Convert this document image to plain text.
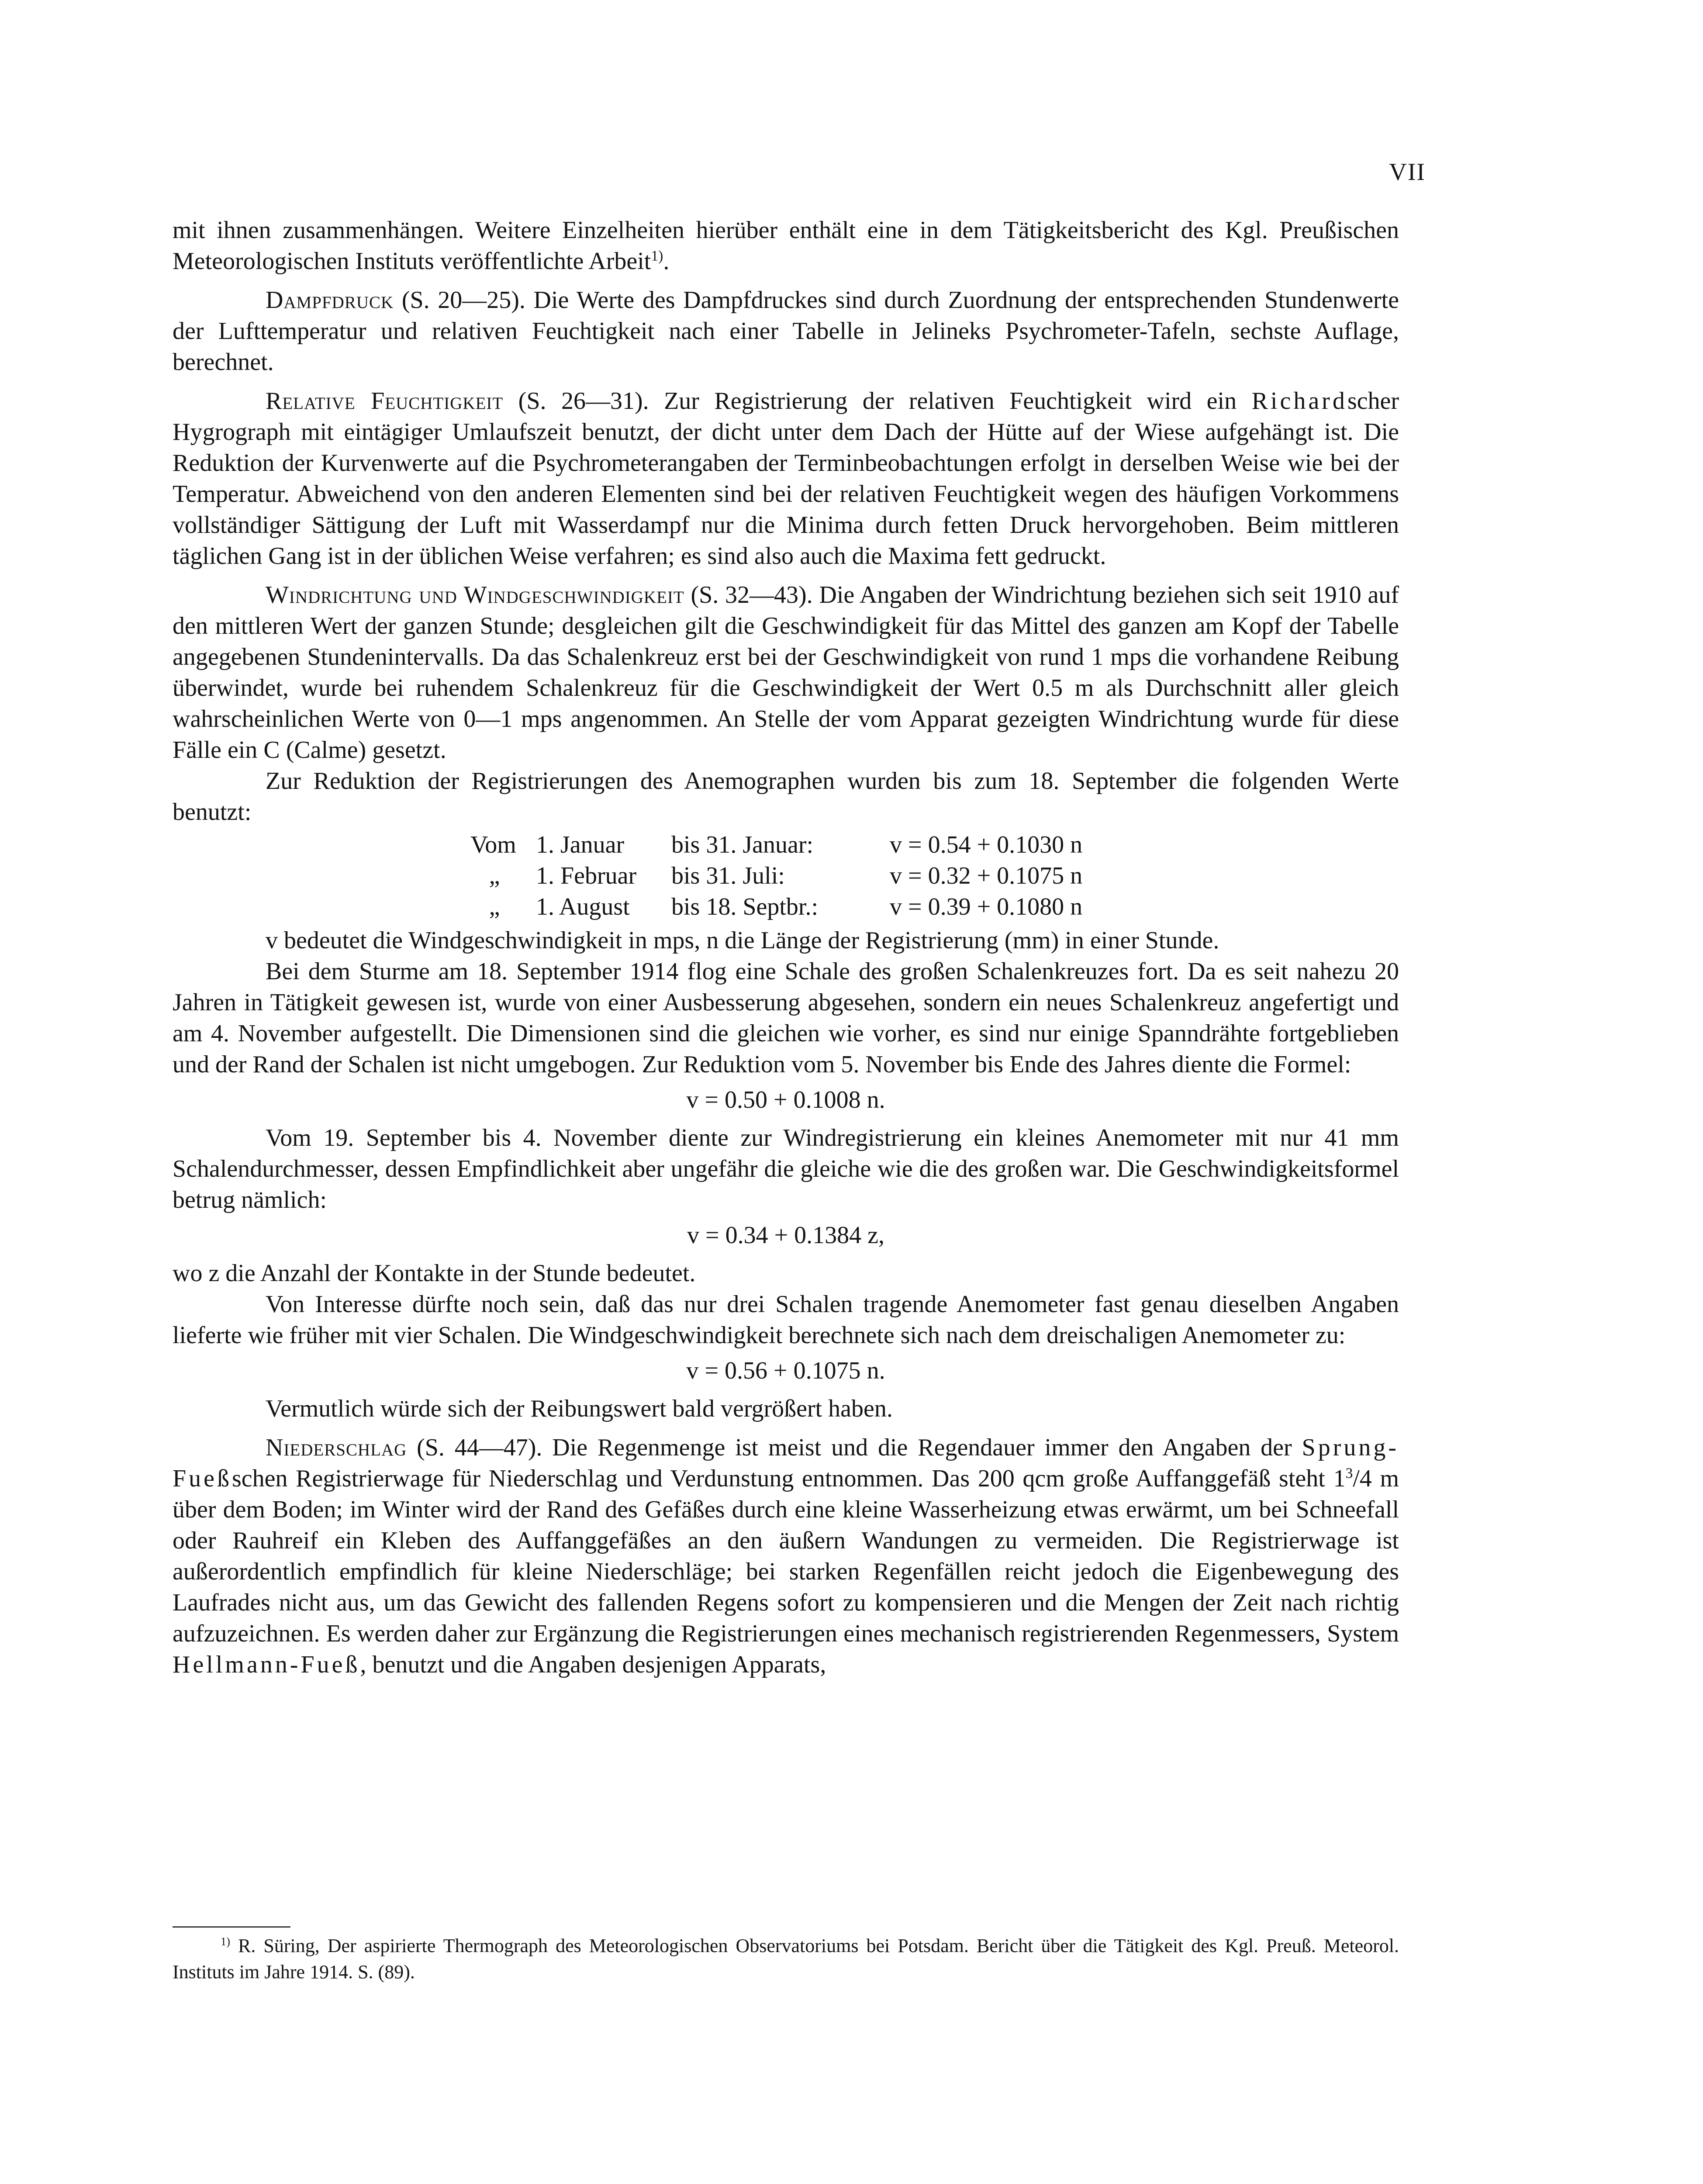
VII

mit ihnen zusammenhängen. Weitere Einzelheiten hierüber enthält eine in dem Tätigkeitsbericht des Kgl. Preußischen Meteorologischen Instituts veröffentlichte Arbeit$^{1)}$.

Dampfdruck (S. 20—25). Die Werte des Dampfdruckes sind durch Zuordnung der entsprechenden Stundenwerte der Lufttemperatur und relativen Feuchtigkeit nach einer Tabelle in Jelineks Psychrometer-Tafeln, sechste Auflage, berechnet.

Relative Feuchtigkeit (S. 26—31). Zur Registrierung der relativen Feuchtigkeit wird ein Richardscher Hygrograph mit eintägiger Umlaufszeit benutzt, der dicht unter dem Dach der Hütte auf der Wiese aufgehängt ist. Die Reduktion der Kurvenwerte auf die Psychrometerangaben der Terminbeobachtungen erfolgt in derselben Weise wie bei der Temperatur. Abweichend von den anderen Elementen sind bei der relativen Feuchtigkeit wegen des häufigen Vorkommens vollständiger Sättigung der Luft mit Wasserdampf nur die Minima durch fetten Druck hervorgehoben. Beim mittleren täglichen Gang ist in der üblichen Weise verfahren; es sind also auch die Maxima fett gedruckt.

Windrichtung und Windgeschwindigkeit (S. 32—43). Die Angaben der Windrichtung beziehen sich seit 1910 auf den mittleren Wert der ganzen Stunde; desgleichen gilt die Geschwindigkeit für das Mittel des ganzen am Kopf der Tabelle angegebenen Stundenintervalls. Da das Schalenkreuz erst bei der Geschwindigkeit von rund 1 mps die vorhandene Reibung überwindet, wurde bei ruhendem Schalenkreuz für die Geschwindigkeit der Wert 0.5 m als Durchschnitt aller gleich wahrscheinlichen Werte von 0—1 mps angenommen. An Stelle der vom Apparat gezeigten Windrichtung wurde für diese Fälle ein C (Calme) gesetzt.

Zur Reduktion der Registrierungen des Anemographen wurden bis zum 18. September die folgenden Werte benutzt:

Vom 1. Januar	bis 31. Januar:	v = 0.54 + 0.1030 n
„	1. Februar	bis 31. Juli:	v = 0.32 + 0.1075 n
„	1. August	bis 18. Septbr.:	v = 0.39 + 0.1080 n

v bedeutet die Windgeschwindigkeit in mps, n die Länge der Registrierung (mm) in einer Stunde.

Bei dem Sturme am 18. September 1914 flog eine Schale des großen Schalenkreuzes fort. Da es seit nahezu 20 Jahren in Tätigkeit gewesen ist, wurde von einer Ausbesserung abgesehen, sondern ein neues Schalenkreuz angefertigt und am 4. November aufgestellt. Die Dimensionen sind die gleichen wie vorher, es sind nur einige Spanndrähte fortgeblieben und der Rand der Schalen ist nicht umgebogen. Zur Reduktion vom 5. November bis Ende des Jahres diente die Formel:

v = 0.50 + 0.1008 n.

Vom 19. September bis 4. November diente zur Windregistrierung ein kleines Anemometer mit nur 41 mm Schalendurchmesser, dessen Empfindlichkeit aber ungefähr die gleiche wie die des großen war. Die Geschwindigkeitsformel betrug nämlich:

v = 0.34 + 0.1384 z,

wo z die Anzahl der Kontakte in der Stunde bedeutet.

Von Interesse dürfte noch sein, daß das nur drei Schalen tragende Anemometer fast genau dieselben Angaben lieferte wie früher mit vier Schalen. Die Windgeschwindigkeit berechnete sich nach dem dreischaligen Anemometer zu:

v = 0.56 + 0.1075 n.

Vermutlich würde sich der Reibungswert bald vergrößert haben.

Niederschlag (S. 44—47). Die Regenmenge ist meist und die Regendauer immer den Angaben der Sprung-Fueßschen Registrierwage für Niederschlag und Verdunstung entnommen. Das 200 qcm große Auffanggefäß steht $1^3/4$ m über dem Boden; im Winter wird der Rand des Gefäßes durch eine kleine Wasserheizung etwas erwärmt, um bei Schneefall oder Rauhreif ein Kleben des Auffanggefäßes an den äußern Wandungen zu vermeiden. Die Registrierwage ist außerordentlich empfindlich für kleine Niederschläge; bei starken Regenfällen reicht jedoch die Eigenbewegung des Laufrades nicht aus, um das Gewicht des fallenden Regens sofort zu kompensieren und die Mengen der Zeit nach richtig aufzuzeichnen. Es werden daher zur Ergänzung die Registrierungen eines mechanisch registrierenden Regenmessers, System Hellmann-Fueß, benutzt und die Angaben desjenigen Apparats,

$^{1)}$ R. Süring, Der aspirierte Thermograph des Meteorologischen Observatoriums bei Potsdam. Bericht über die Tätigkeit des Kgl. Preuß. Meteorol. Instituts im Jahre 1914. S. (89).
